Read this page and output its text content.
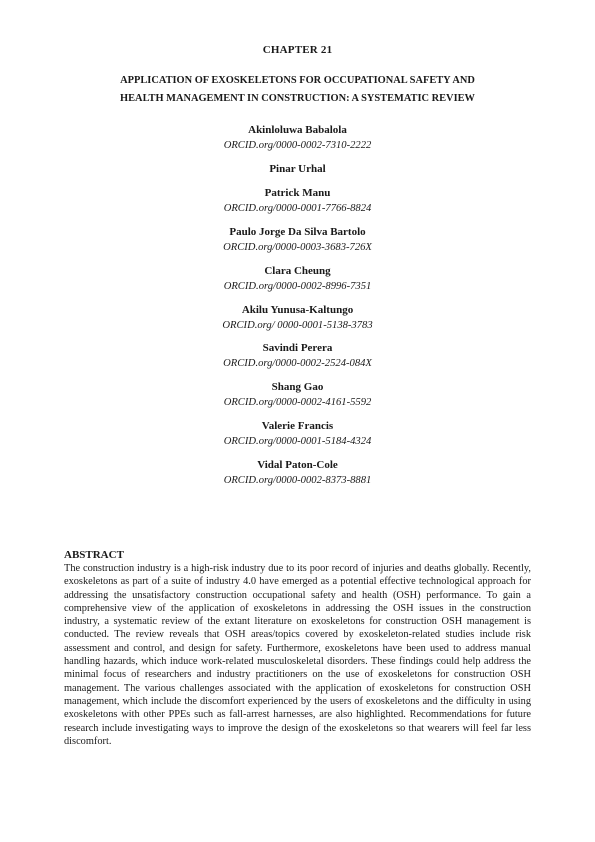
CHAPTER 21
APPLICATION OF EXOSKELETONS FOR OCCUPATIONAL SAFETY AND
HEALTH MANAGEMENT IN CONSTRUCTION: A SYSTEMATIC REVIEW
Akinloluwa Babalola
ORCID.org/0000-0002-7310-2222
Pinar Urhal
Patrick Manu
ORCID.org/0000-0001-7766-8824
Paulo Jorge Da Silva Bartolo
ORCID.org/0000-0003-3683-726X
Clara Cheung
ORCID.org/0000-0002-8996-7351
Akilu Yunusa-Kaltungo
ORCID.org/ 0000-0001-5138-3783
Savindi Perera
ORCID.org/0000-0002-2524-084X
Shang Gao
ORCID.org/0000-0002-4161-5592
Valerie Francis
ORCID.org/0000-0001-5184-4324
Vidal Paton-Cole
ORCID.org/0000-0002-8373-8881
ABSTRACT
The construction industry is a high-risk industry due to its poor record of injuries and deaths globally. Recently, exoskeletons as part of a suite of industry 4.0 have emerged as a potential effective technological approach for addressing the unsatisfactory construction occupational safety and health (OSH) performance. To gain a comprehensive view of the application of exoskeletons in addressing the OSH issues in the construction industry, a systematic review of the extant literature on exoskeletons for construction OSH management is conducted. The review reveals that OSH areas/topics covered by exoskeleton-related studies include risk assessment and control, and design for safety. Furthermore, exoskeletons have been used to address manual handling hazards, which induce work-related musculoskeletal disorders. These findings could help address the minimal focus of researchers and industry practitioners on the use of exoskeletons for construction OSH management. The various challenges associated with the application of exoskeletons for construction OSH management, which include the discomfort experienced by the users of exoskeletons and the difficulty in using exoskeletons with other PPEs such as fall-arrest harnesses, are also highlighted. Recommendations for future research include investigating ways to improve the design of the exoskeletons so that wearers will feel far less discomfort.
